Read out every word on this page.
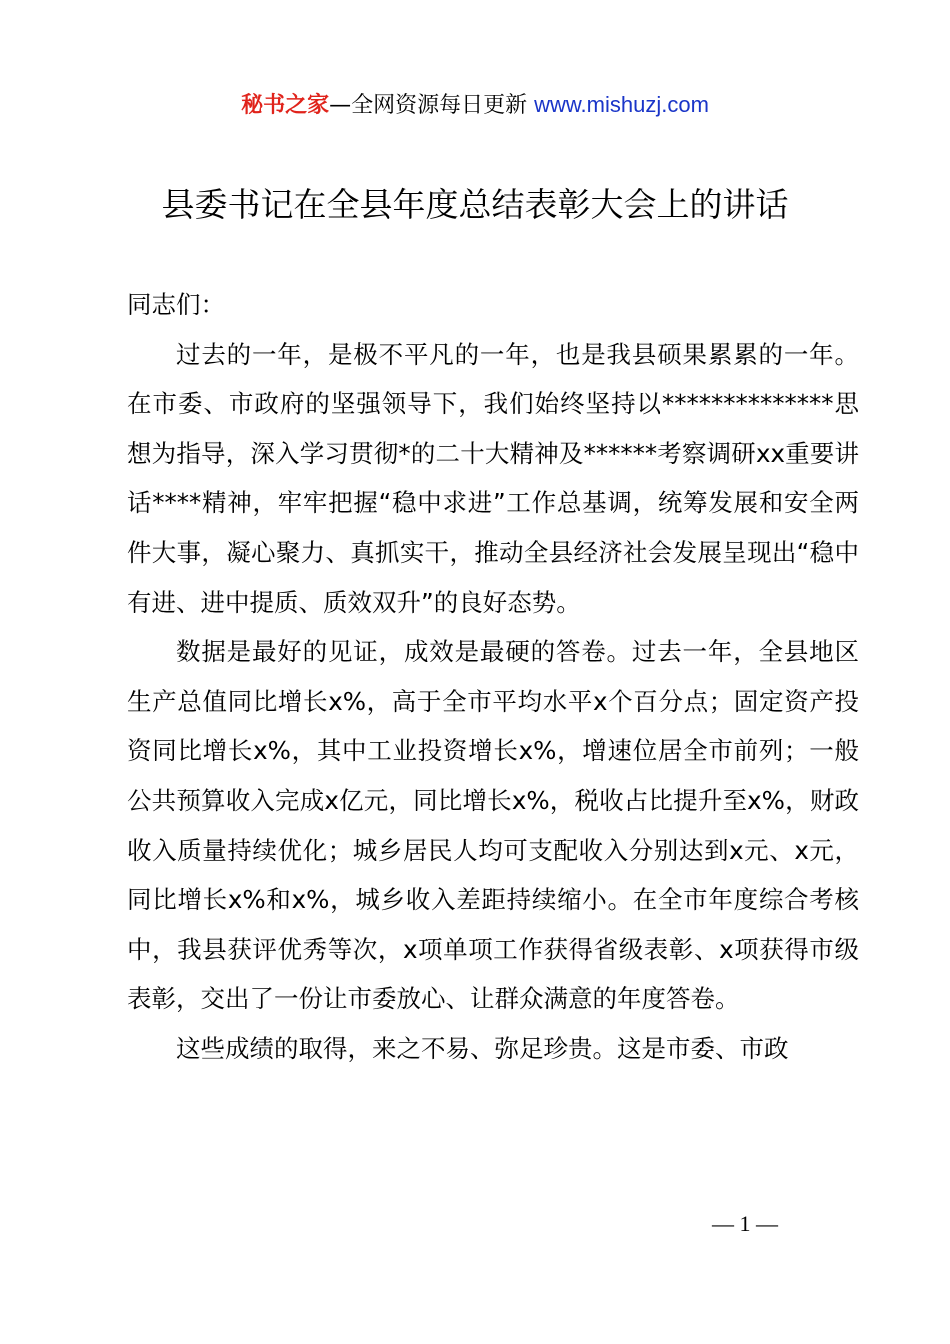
秘书之家—全网资源每日更新 www.mishuzj.com
县委书记在全县年度总结表彰大会上的讲话

同志们：

过去的一年，是极不平凡的一年，也是我县硕果累累的一年。在市委、市政府的坚强领导下，我们始终坚持以**************思想为指导，深入学习贯彻*的二十大精神及******考察调研xx重要讲话****精神，牢牢把握“稳中求进”工作总基调，统筹发展和安全两件大事，凝心聚力、真抓实干，推动全县经济社会发展呈现出“稳中有进、进中提质、质效双升”的良好态势。

数据是最好的见证，成效是最硬的答卷。过去一年，全县地区生产总值同比增长x%，高于全市平均水平x个百分点；固定资产投资同比增长x%，其中工业投资增长x%，增速位居全市前列；一般公共预算收入完成x亿元，同比增长x%，税收占比提升至x%，财政收入质量持续优化；城乡居民人均可支配收入分别达到x元、x元，同比增长x%和x%，城乡收入差距持续缩小。在全市年度综合考核中，我县获评优秀等次，x项单项工作获得省级表彰、x项获得市级表彰，交出了一份让市委放心、让群众满意的年度答卷。

这些成绩的取得，来之不易、弥足珍贵。这是市委、市政

— 1 —
